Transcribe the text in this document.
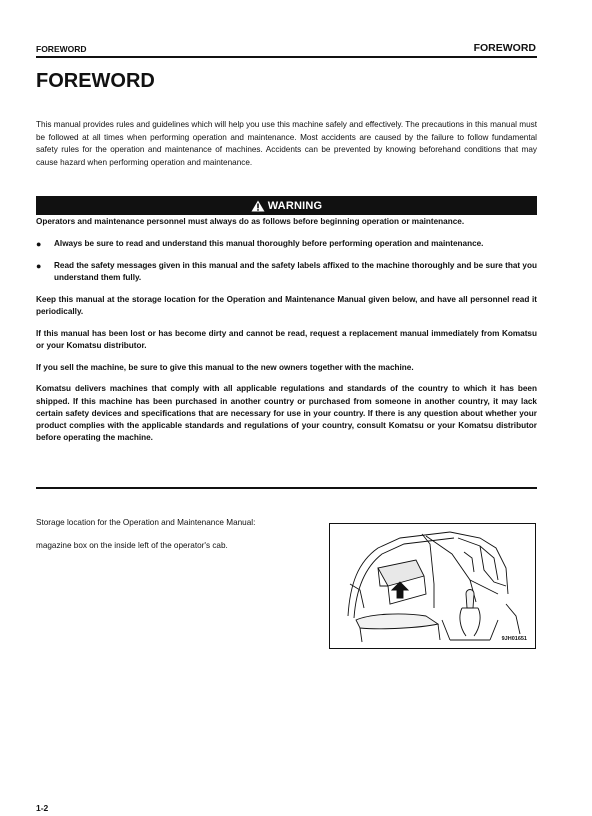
FOREWORD	FOREWORD
FOREWORD

This manual provides rules and guidelines which will help you use this machine safely and effectively. The precautions in this manual must be followed at all times when performing operation and maintenance. Most accidents are caused by the failure to follow fundamental safety rules for the operation and maintenance of machines. Accidents can be prevented by knowing beforehand conditions that may cause hazard when performing operation and maintenance.

WARNING

Operators and maintenance personnel must always do as follows before beginning operation or maintenance.

●	Always be sure to read and understand this manual thoroughly before performing operation and maintenance.
●	Read the safety messages given in this manual and the safety labels affixed to the machine thoroughly and be sure that you understand them fully.

Keep this manual at the storage location for the Operation and Maintenance Manual given below, and have all personnel read it periodically.

If this manual has been lost or has become dirty and cannot be read, request a replacement manual immediately from Komatsu or your Komatsu distributor.

If you sell the machine, be sure to give this manual to the new owners together with the machine.

Komatsu delivers machines that comply with all applicable regulations and standards of the country to which it has been shipped. If this machine has been purchased in another country or purchased from someone in another country, it may lack certain safety devices and specifications that are necessary for use in your country. If there is any question about whether your product complies with the applicable standards and regulations of your country, consult Komatsu or your Komatsu distributor before operating the machine.

Storage location for the Operation and Maintenance Manual:
magazine box on the inside left of the operator's cab.
9JH01651
1-2
